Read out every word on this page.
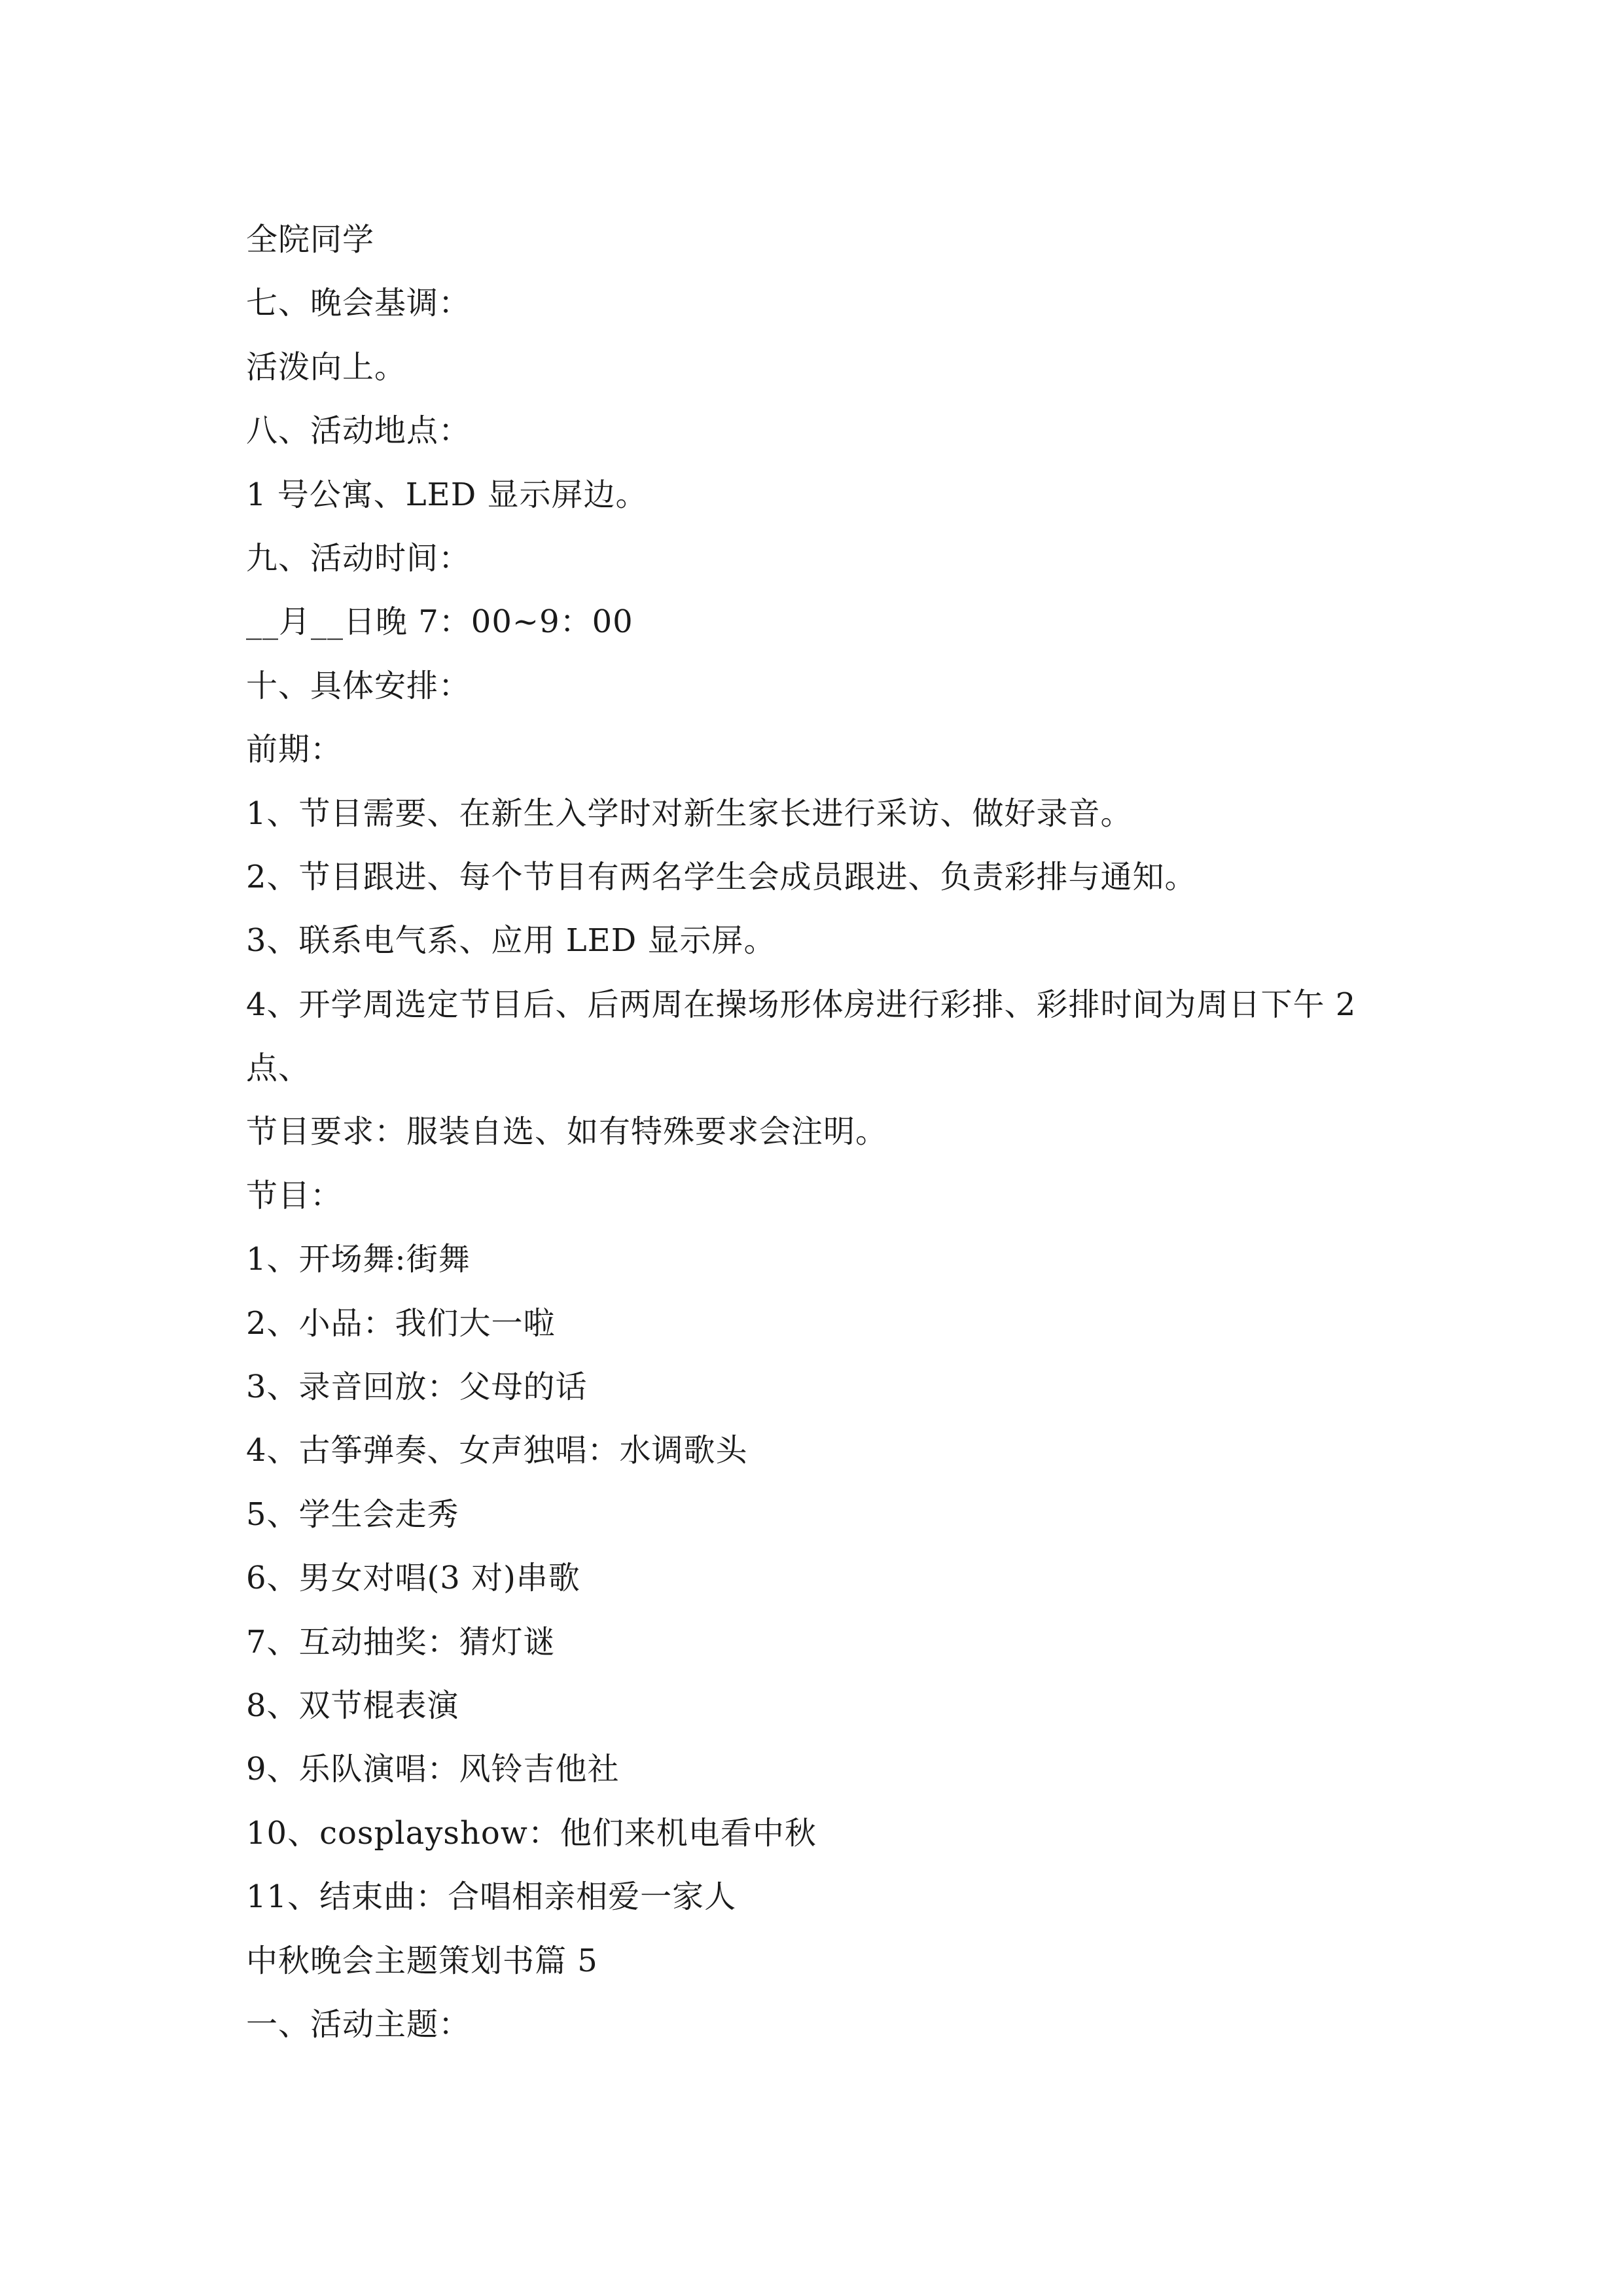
全院同学
七、晚会基调：
活泼向上。
八、活动地点：
1 号公寓、LED 显示屏边。
九、活动时间：
__月__日晚 7：00~9：00
十、具体安排：
前期：
1、节目需要、在新生入学时对新生家长进行采访、做好录音。
2、节目跟进、每个节目有两名学生会成员跟进、负责彩排与通知。
3、联系电气系、应用 LED 显示屏。
4、开学周选定节目后、后两周在操场形体房进行彩排、彩排时间为周日下午 2
点、
节目要求：服装自选、如有特殊要求会注明。
节目：
1、开场舞:街舞
2、小品：我们大一啦
3、录音回放：父母的话
4、古筝弹奏、女声独唱：水调歌头
5、学生会走秀
6、男女对唱(3 对)串歌
7、互动抽奖：猜灯谜
8、双节棍表演
9、乐队演唱：风铃吉他社
10、cosplayshow：他们来机电看中秋
11、结束曲：合唱相亲相爱一家人
中秋晚会主题策划书篇 5
一、活动主题：
